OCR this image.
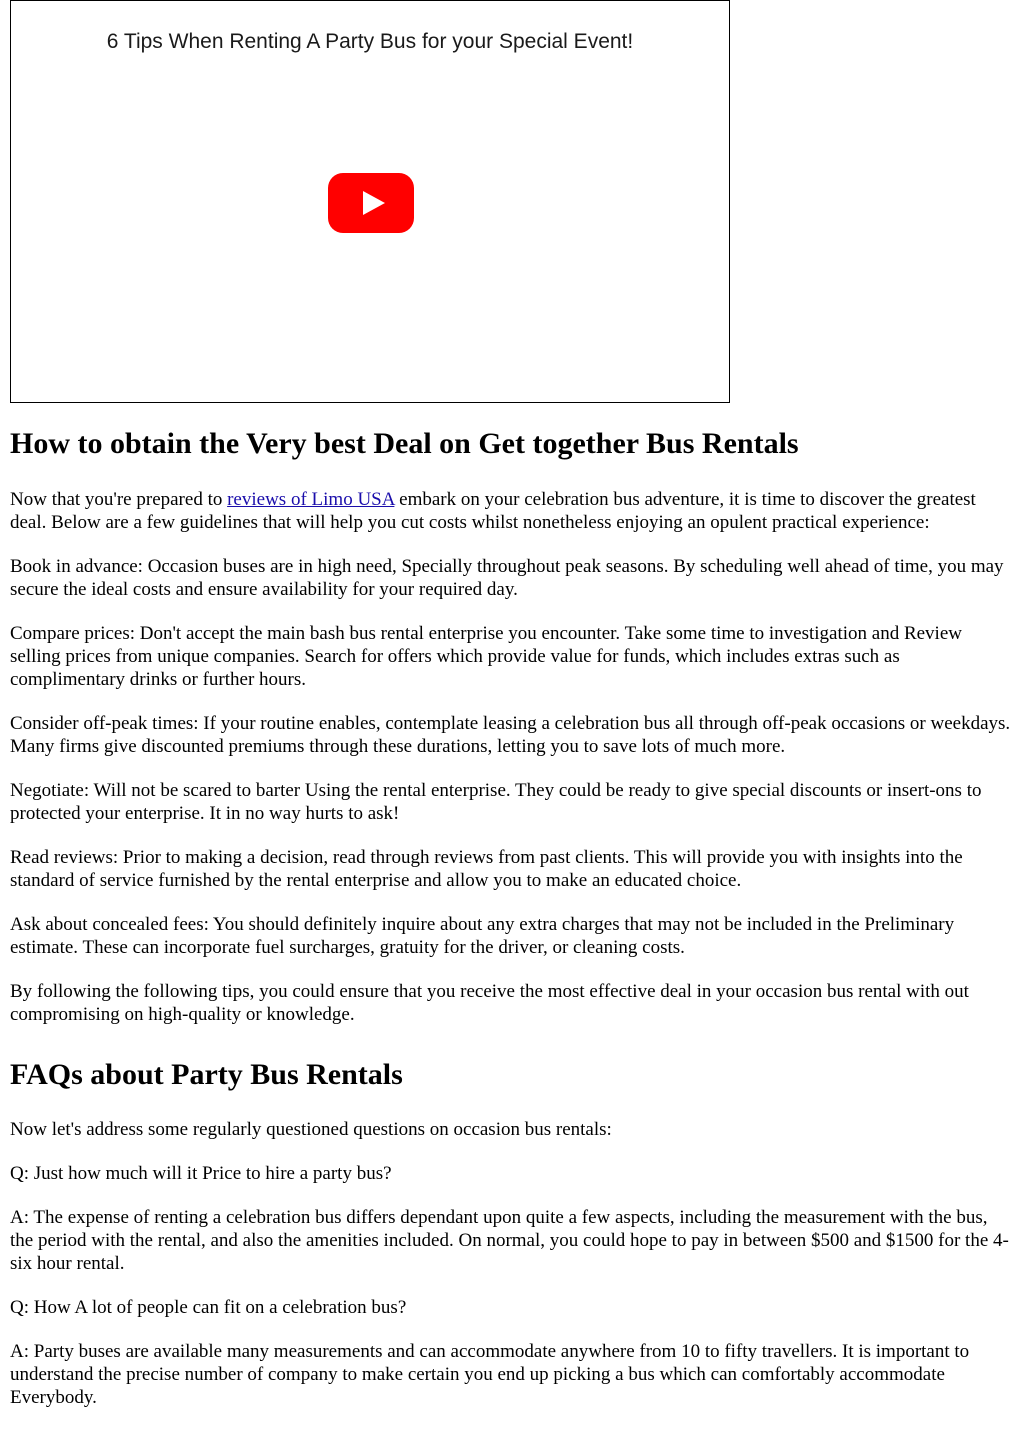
6 Tips When Renting A Party Bus for your Special Event!
How to obtain the Very best Deal on Get together Bus Rentals

Now that you're prepared to reviews of Limo USA embark on your celebration bus adventure, it is time to discover the greatest deal. Below are a few guidelines that will help you cut costs whilst nonetheless enjoying an opulent practical experience:

Book in advance: Occasion buses are in high need, Specially throughout peak seasons. By scheduling well ahead of time, you may secure the ideal costs and ensure availability for your required day.

Compare prices: Don't accept the main bash bus rental enterprise you encounter. Take some time to investigation and Review selling prices from unique companies. Search for offers which provide value for funds, which includes extras such as complimentary drinks or further hours.

Consider off-peak times: If your routine enables, contemplate leasing a celebration bus all through off-peak occasions or weekdays. Many firms give discounted premiums through these durations, letting you to save lots of much more.

Negotiate: Will not be scared to barter Using the rental enterprise. They could be ready to give special discounts or insert-ons to protected your enterprise. It in no way hurts to ask!

Read reviews: Prior to making a decision, read through reviews from past clients. This will provide you with insights into the standard of service furnished by the rental enterprise and allow you to make an educated choice.

Ask about concealed fees: You should definitely inquire about any extra charges that may not be included in the Preliminary estimate. These can incorporate fuel surcharges, gratuity for the driver, or cleaning costs.

By following the following tips, you could ensure that you receive the most effective deal in your occasion bus rental with out compromising on high-quality or knowledge.

FAQs about Party Bus Rentals

Now let's address some regularly questioned questions on occasion bus rentals:

Q: Just how much will it Price to hire a party bus?

A: The expense of renting a celebration bus differs dependant upon quite a few aspects, including the measurement with the bus, the period with the rental, and also the amenities included. On normal, you could hope to pay in between $500 and $1500 for the 4-six hour rental.

Q: How A lot of people can fit on a celebration bus?

A: Party buses are available many measurements and can accommodate anywhere from 10 to fifty travellers. It is important to understand the precise number of company to make certain you end up picking a bus which can comfortably accommodate Everybody.
